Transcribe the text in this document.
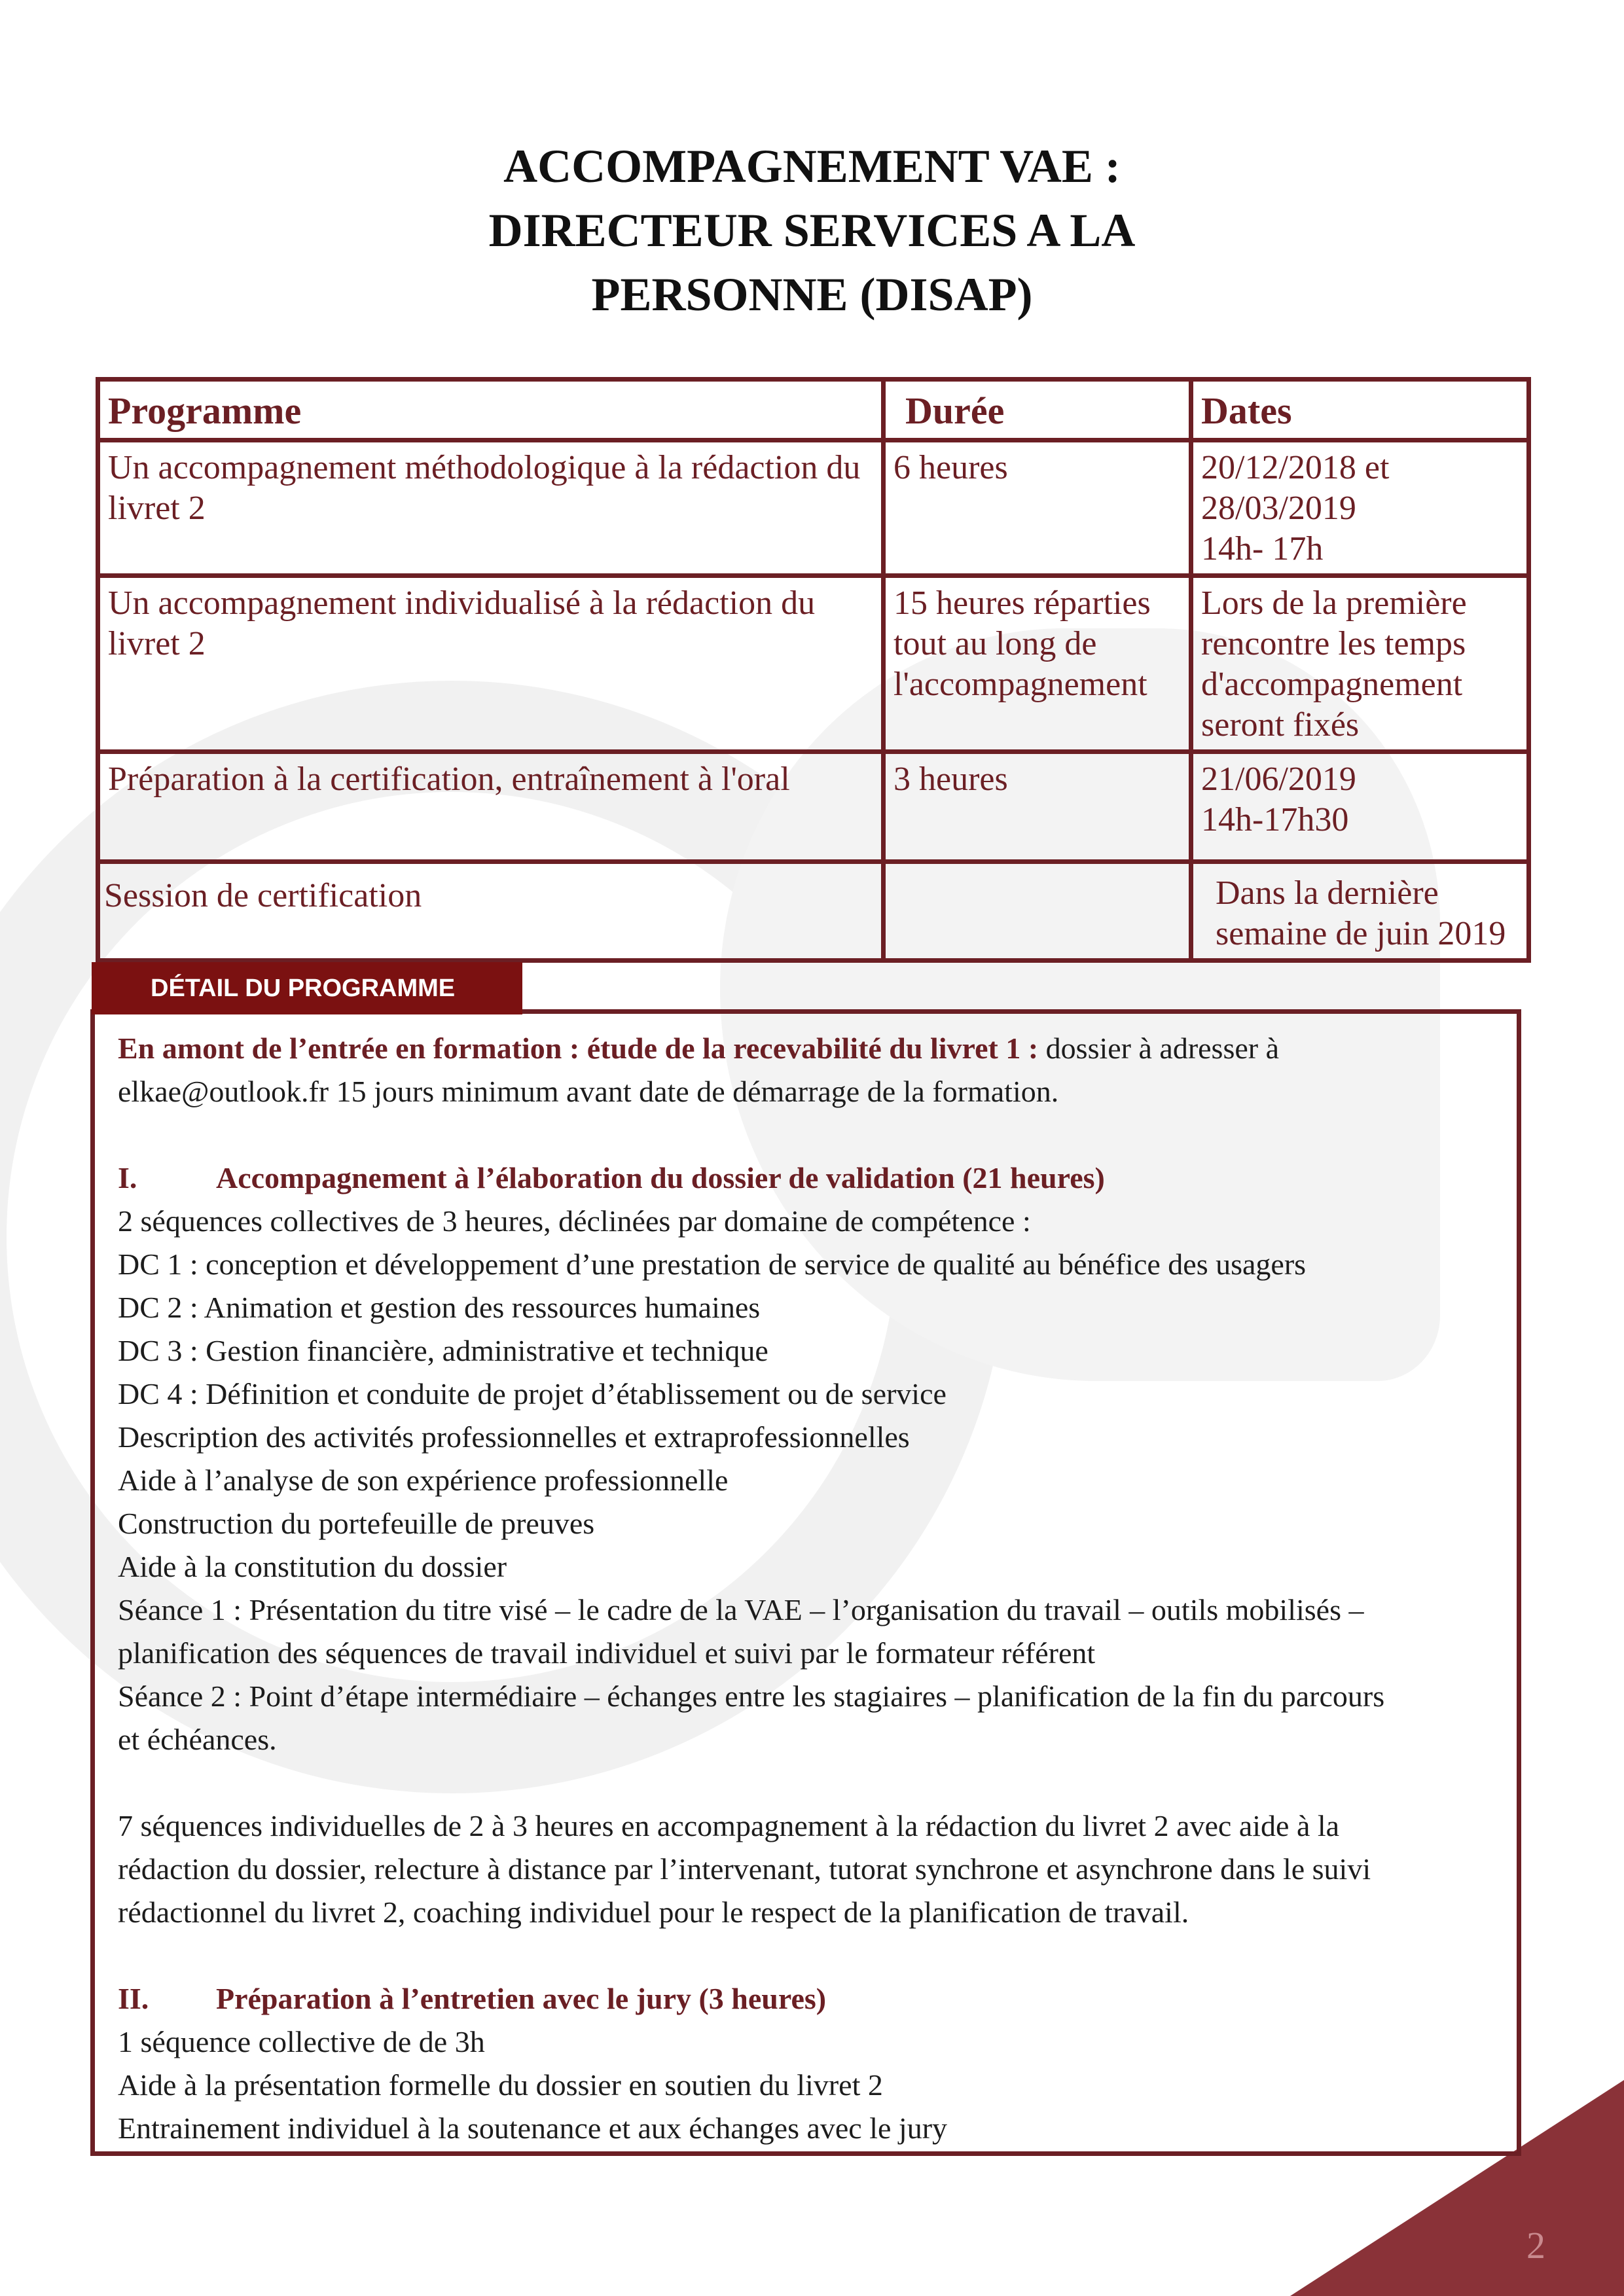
ACCOMPAGNEMENT VAE :
DIRECTEUR SERVICES A LA
PERSONNE (DISAP)
Programme	Durée	Dates
Un accompagnement méthodologique à la rédaction du livret 2	6 heures	20/12/2018 et
28/03/2019
14h- 17h

Un accompagnement individualisé à la rédaction du livret 2	15 heures réparties tout au long de l'accompagnement	Lors de la première
rencontre les temps
d'accompagnement
seront fixés

Préparation à la certification, entraînement à l'oral	3 heures	21/06/2019
14h-17h30

Session de certification		Dans la dernière
semaine de juin 2019
DÉTAIL DU PROGRAMME

En amont de l’entrée en formation : étude de la recevabilité du livret 1 : dossier à adresser à

elkae@outlook.fr 15 jours minimum avant date de démarrage de la formation.

I.	Accompagnement à l’élaboration du dossier de validation (21 heures)

2 séquences collectives de 3 heures, déclinées par domaine de compétence :

DC 1 : conception et développement d’une prestation de service de qualité au bénéfice des usagers

DC 2 : Animation et gestion des ressources humaines

DC 3 : Gestion financière, administrative et technique

DC 4 : Définition et conduite de projet d’établissement ou de service

Description des activités professionnelles et extraprofessionnelles

Aide à l’analyse de son expérience professionnelle

Construction du portefeuille de preuves

Aide à la constitution du dossier

Séance 1 : Présentation du titre visé – le cadre de la VAE – l’organisation du travail – outils mobilisés –

planification des séquences de travail individuel et suivi par le formateur référent

Séance 2 : Point d’étape intermédiaire – échanges entre les stagiaires – planification de la fin du parcours

et échéances.

7 séquences individuelles de 2 à 3 heures en accompagnement à la rédaction du livret 2 avec aide à la

rédaction du dossier, relecture à distance par l’intervenant, tutorat synchrone et asynchrone dans le suivi

rédactionnel du livret 2, coaching individuel pour le respect de la planification de travail.

II. Préparation à l’entretien avec le jury (3 heures)

1 séquence collective de de 3h

Aide à la présentation formelle du dossier en soutien du livret 2

Entrainement individuel à la soutenance et aux échanges avec le jury

2
